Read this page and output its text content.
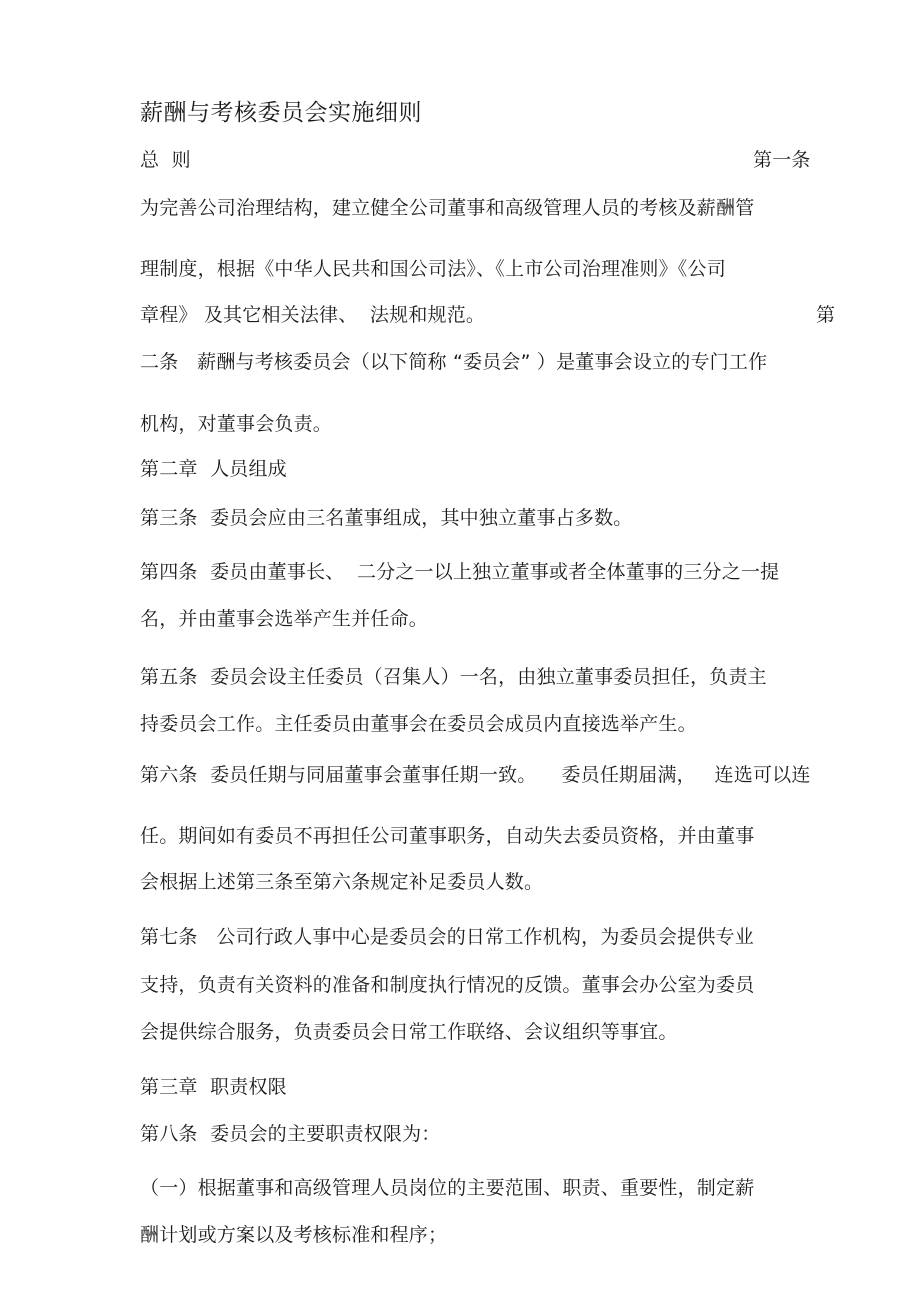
薪酬与考核委员会实施细则
总  则	第一条
为完善公司治理结构，建立健全公司董事和高级管理人员的考核及薪酬管
理制度，根据《中华人民共和国公司法》、《上市公司治理准则》《公司
章程》 及其它相关法律、  法规和规范。	第
二条   薪酬与考核委员会（以下简称 “委员会” ）是董事会设立的专门工作
机构，对董事会负责。
第二章  人员组成
第三条  委员会应由三名董事组成，其中独立董事占多数。
第四条  委员由董事长、  二分之一以上独立董事或者全体董事的三分之一提
名，并由董事会选举产生并任命。
第五条  委员会设主任委员（召集人）一名，由独立董事委员担任，负责主
持委员会工作。主任委员由董事会在委员会成员内直接选举产生。
第六条  委员任期与同届董事会董事任期一致。    委员任期届满，   连选可以连
任。期间如有委员不再担任公司董事职务，自动失去委员资格，并由董事
会根据上述第三条至第六条规定补足委员人数。
第七条   公司行政人事中心是委员会的日常工作机构，为委员会提供专业
支持，负责有关资料的准备和制度执行情况的反馈。董事会办公室为委员
会提供综合服务，负责委员会日常工作联络、会议组织等事宜。
第三章  职责权限
第八条  委员会的主要职责权限为：
（一）根据董事和高级管理人员岗位的主要范围、职责、重要性，制定薪
酬计划或方案以及考核标准和程序；
